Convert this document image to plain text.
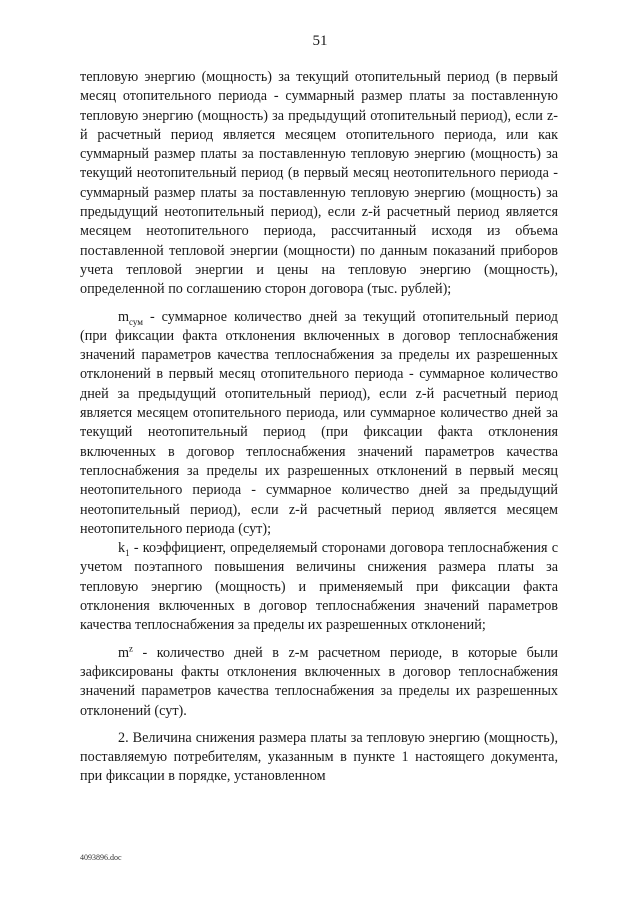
51

тепловую энергию (мощность) за текущий отопительный период (в первый месяц отопительного периода - суммарный размер платы за поставленную тепловую энергию (мощность) за предыдущий отопительный период), если z-й расчетный период является месяцем отопительного периода, или как суммарный размер платы за поставленную тепловую энергию (мощность) за текущий неотопительный период (в первый месяц неотопительного периода - суммарный размер платы за поставленную тепловую энергию (мощность) за предыдущий неотопительный период), если z-й расчетный период является месяцем неотопительного периода, рассчитанный исходя из объема поставленной тепловой энергии (мощности) по данным показаний приборов учета тепловой энергии и цены на тепловую энергию (мощность), определенной по соглашению сторон договора (тыс. рублей);

$m_{сум}$ - суммарное количество дней за текущий отопительный период (при фиксации факта отклонения включенных в договор теплоснабжения значений параметров качества теплоснабжения за пределы их разрешенных отклонений в первый месяц отопительного периода - суммарное количество дней за предыдущий отопительный период), если z-й расчетный период является месяцем отопительного периода, или суммарное количество дней за текущий неотопительный период (при фиксации факта отклонения включенных в договор теплоснабжения значений параметров качества теплоснабжения за пределы их разрешенных отклонений в первый месяц неотопительного периода - суммарное количество дней за предыдущий неотопительный период), если z-й расчетный период является месяцем неотопительного периода (сут);

$k_1$ - коэффициент, определяемый сторонами договора теплоснабжения с учетом поэтапного повышения величины снижения размера платы за тепловую энергию (мощность) и применяемый при фиксации факта отклонения включенных в договор теплоснабжения значений параметров качества теплоснабжения за пределы их разрешенных отклонений;

$m^z$ - количество дней в z-м расчетном периоде, в которые были зафиксированы факты отклонения включенных в договор теплоснабжения значений параметров качества теплоснабжения за пределы их разрешенных отклонений (сут).

2. Величина снижения размера платы за тепловую энергию (мощность), поставляемую потребителям, указанным в пункте 1 настоящего документа, при фиксации в порядке, установленном

4093896.doc
